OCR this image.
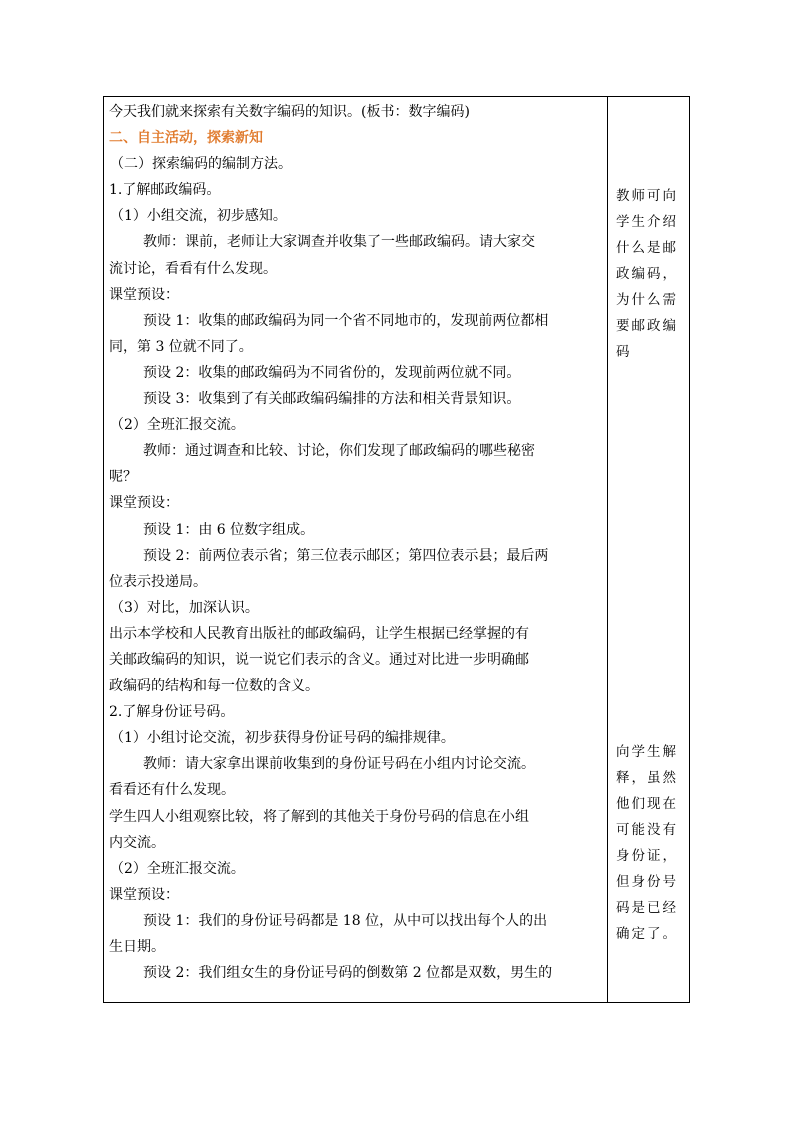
今天我们就来探索有关数字编码的知识。(板书：数字编码)
二、自主活动，探索新知
（二）探索编码的编制方法。
1.了解邮政编码。
（1）小组交流，初步感知。
教师：课前，老师让大家调查并收集了一些邮政编码。请大家交
流讨论，看看有什么发现。
课堂预设：
预设 1：收集的邮政编码为同一个省不同地市的，发现前两位都相
同，第 3 位就不同了。
预设 2：收集的邮政编码为不同省份的，发现前两位就不同。
预设 3：收集到了有关邮政编码编排的方法和相关背景知识。
（2）全班汇报交流。
教师：通过调查和比较、讨论，你们发现了邮政编码的哪些秘密
呢？
课堂预设：
预设 1：由 6 位数字组成。
预设 2：前两位表示省；第三位表示邮区；第四位表示县；最后两
位表示投递局。
（3）对比，加深认识。
出示本学校和人民教育出版社的邮政编码，让学生根据已经掌握的有
关邮政编码的知识，说一说它们表示的含义。通过对比进一步明确邮
政编码的结构和每一位数的含义。
2.了解身份证号码。
（1）小组讨论交流，初步获得身份证号码的编排规律。
教师：请大家拿出课前收集到的身份证号码在小组内讨论交流。
看看还有什么发现。
学生四人小组观察比较，将了解到的其他关于身份号码的信息在小组
内交流。
（2）全班汇报交流。
课堂预设：
预设 1：我们的身份证号码都是 18 位，从中可以找出每个人的出
生日期。
预设 2：我们组女生的身份证号码的倒数第 2 位都是双数，男生的
教师可向
学生介绍
什么是邮
政编码，
为什么需
要邮政编
码
向学生解
释，虽然
他们现在
可能没有
身份证，
但身份号
码是已经
确定了。
